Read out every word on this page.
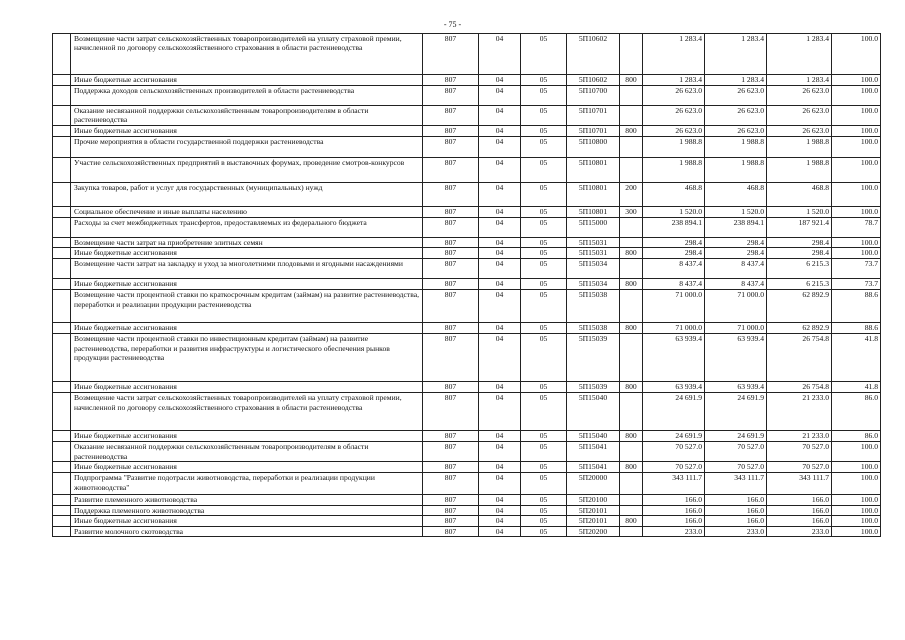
- 75 -
	Возмещение части затрат сельскохозяйственных товаропроизводителей на уплату страховой премии, начисленной по договору сельскохозяйственного страхования в области растениеводства	807	04	05	5П10602		1 283.4	1 283.4	1 283.4	100.0
	Иные бюджетные ассигнования	807	04	05	5П10602	800	1 283.4	1 283.4	1 283.4	100.0
	Поддержка доходов сельскохозяйственных производителей в области растениеводства	807	04	05	5П10700		26 623.0	26 623.0	26 623.0	100.0
	Оказание несвязанной поддержки сельскохозяйственным товаропроизводителям в области растениеводства	807	04	05	5П10701		26 623.0	26 623.0	26 623.0	100.0
	Иные бюджетные ассигнования	807	04	05	5П10701	800	26 623.0	26 623.0	26 623.0	100.0
	Прочие мероприятия в области государственной поддержки растениеводства	807	04	05	5П10800		1 988.8	1 988.8	1 988.8	100.0
	Участие сельскохозяйственных предприятий в выставочных форумах, проведение смотров-конкурсов	807	04	05	5П10801		1 988.8	1 988.8	1 988.8	100.0
	Закупка товаров, работ и услуг для государственных (муниципальных) нужд	807	04	05	5П10801	200	468.8	468.8	468.8	100.0
	Социальное обеспечение и иные выплаты населению	807	04	05	5П10801	300	1 520.0	1 520.0	1 520.0	100.0
	Расходы за счет межбюджетных трансфертов, предоставляемых из федерального бюджета	807	04	05	5П15000		238 894.1	238 894.1	187 921.4	78.7
	Возмещение части затрат на приобретение элитных семян	807	04	05	5П15031		298.4	298.4	298.4	100.0
	Иные бюджетные ассигнования	807	04	05	5П15031	800	298.4	298.4	298.4	100.0
	Возмещение части затрат на закладку и уход за многолетними плодовыми и ягодными насаждениями	807	04	05	5П15034		8 437.4	8 437.4	6 215.3	73.7
	Иные бюджетные ассигнования	807	04	05	5П15034	800	8 437.4	8 437.4	6 215.3	73.7
	Возмещение части процентной ставки по краткосрочным кредитам (займам) на развитие растениеводства, переработки и реализации продукции растениеводства	807	04	05	5П15038		71 000.0	71 000.0	62 892.9	88.6
	Иные бюджетные ассигнования	807	04	05	5П15038	800	71 000.0	71 000.0	62 892.9	88.6
	Возмещение части процентной ставки по инвестиционным кредитам (займам) на развитие растениеводства, переработки и развития инфраструктуры и логистического обеспечения рынков продукции растениеводства	807	04	05	5П15039		63 939.4	63 939.4	26 754.8	41.8
	Иные бюджетные ассигнования	807	04	05	5П15039	800	63 939.4	63 939.4	26 754.8	41.8
	Возмещение части затрат сельскохозяйственных товаропроизводителей на уплату страховой премии, начисленной по договору сельскохозяйственного страхования в области растениеводства	807	04	05	5П15040		24 691.9	24 691.9	21 233.0	86.0
	Иные бюджетные ассигнования	807	04	05	5П15040	800	24 691.9	24 691.9	21 233.0	86.0
	Оказание несвязанной поддержки сельскохозяйственным товаропроизводителям в области растениеводства	807	04	05	5П15041		70 527.0	70 527.0	70 527.0	100.0
	Иные бюджетные ассигнования	807	04	05	5П15041	800	70 527.0	70 527.0	70 527.0	100.0
	Подпрограмма "Развитие подотрасли животноводства, переработки и реализации продукции животноводства"	807	04	05	5П20000		343 111.7	343 111.7	343 111.7	100.0
	Развитие племенного животноводства	807	04	05	5П20100		166.0	166.0	166.0	100.0
	Поддержка племенного животноводства	807	04	05	5П20101		166.0	166.0	166.0	100.0
	Иные бюджетные ассигнования	807	04	05	5П20101	800	166.0	166.0	166.0	100.0
	Развитие молочного скотоводства	807	04	05	5П20200		233.0	233.0	233.0	100.0
